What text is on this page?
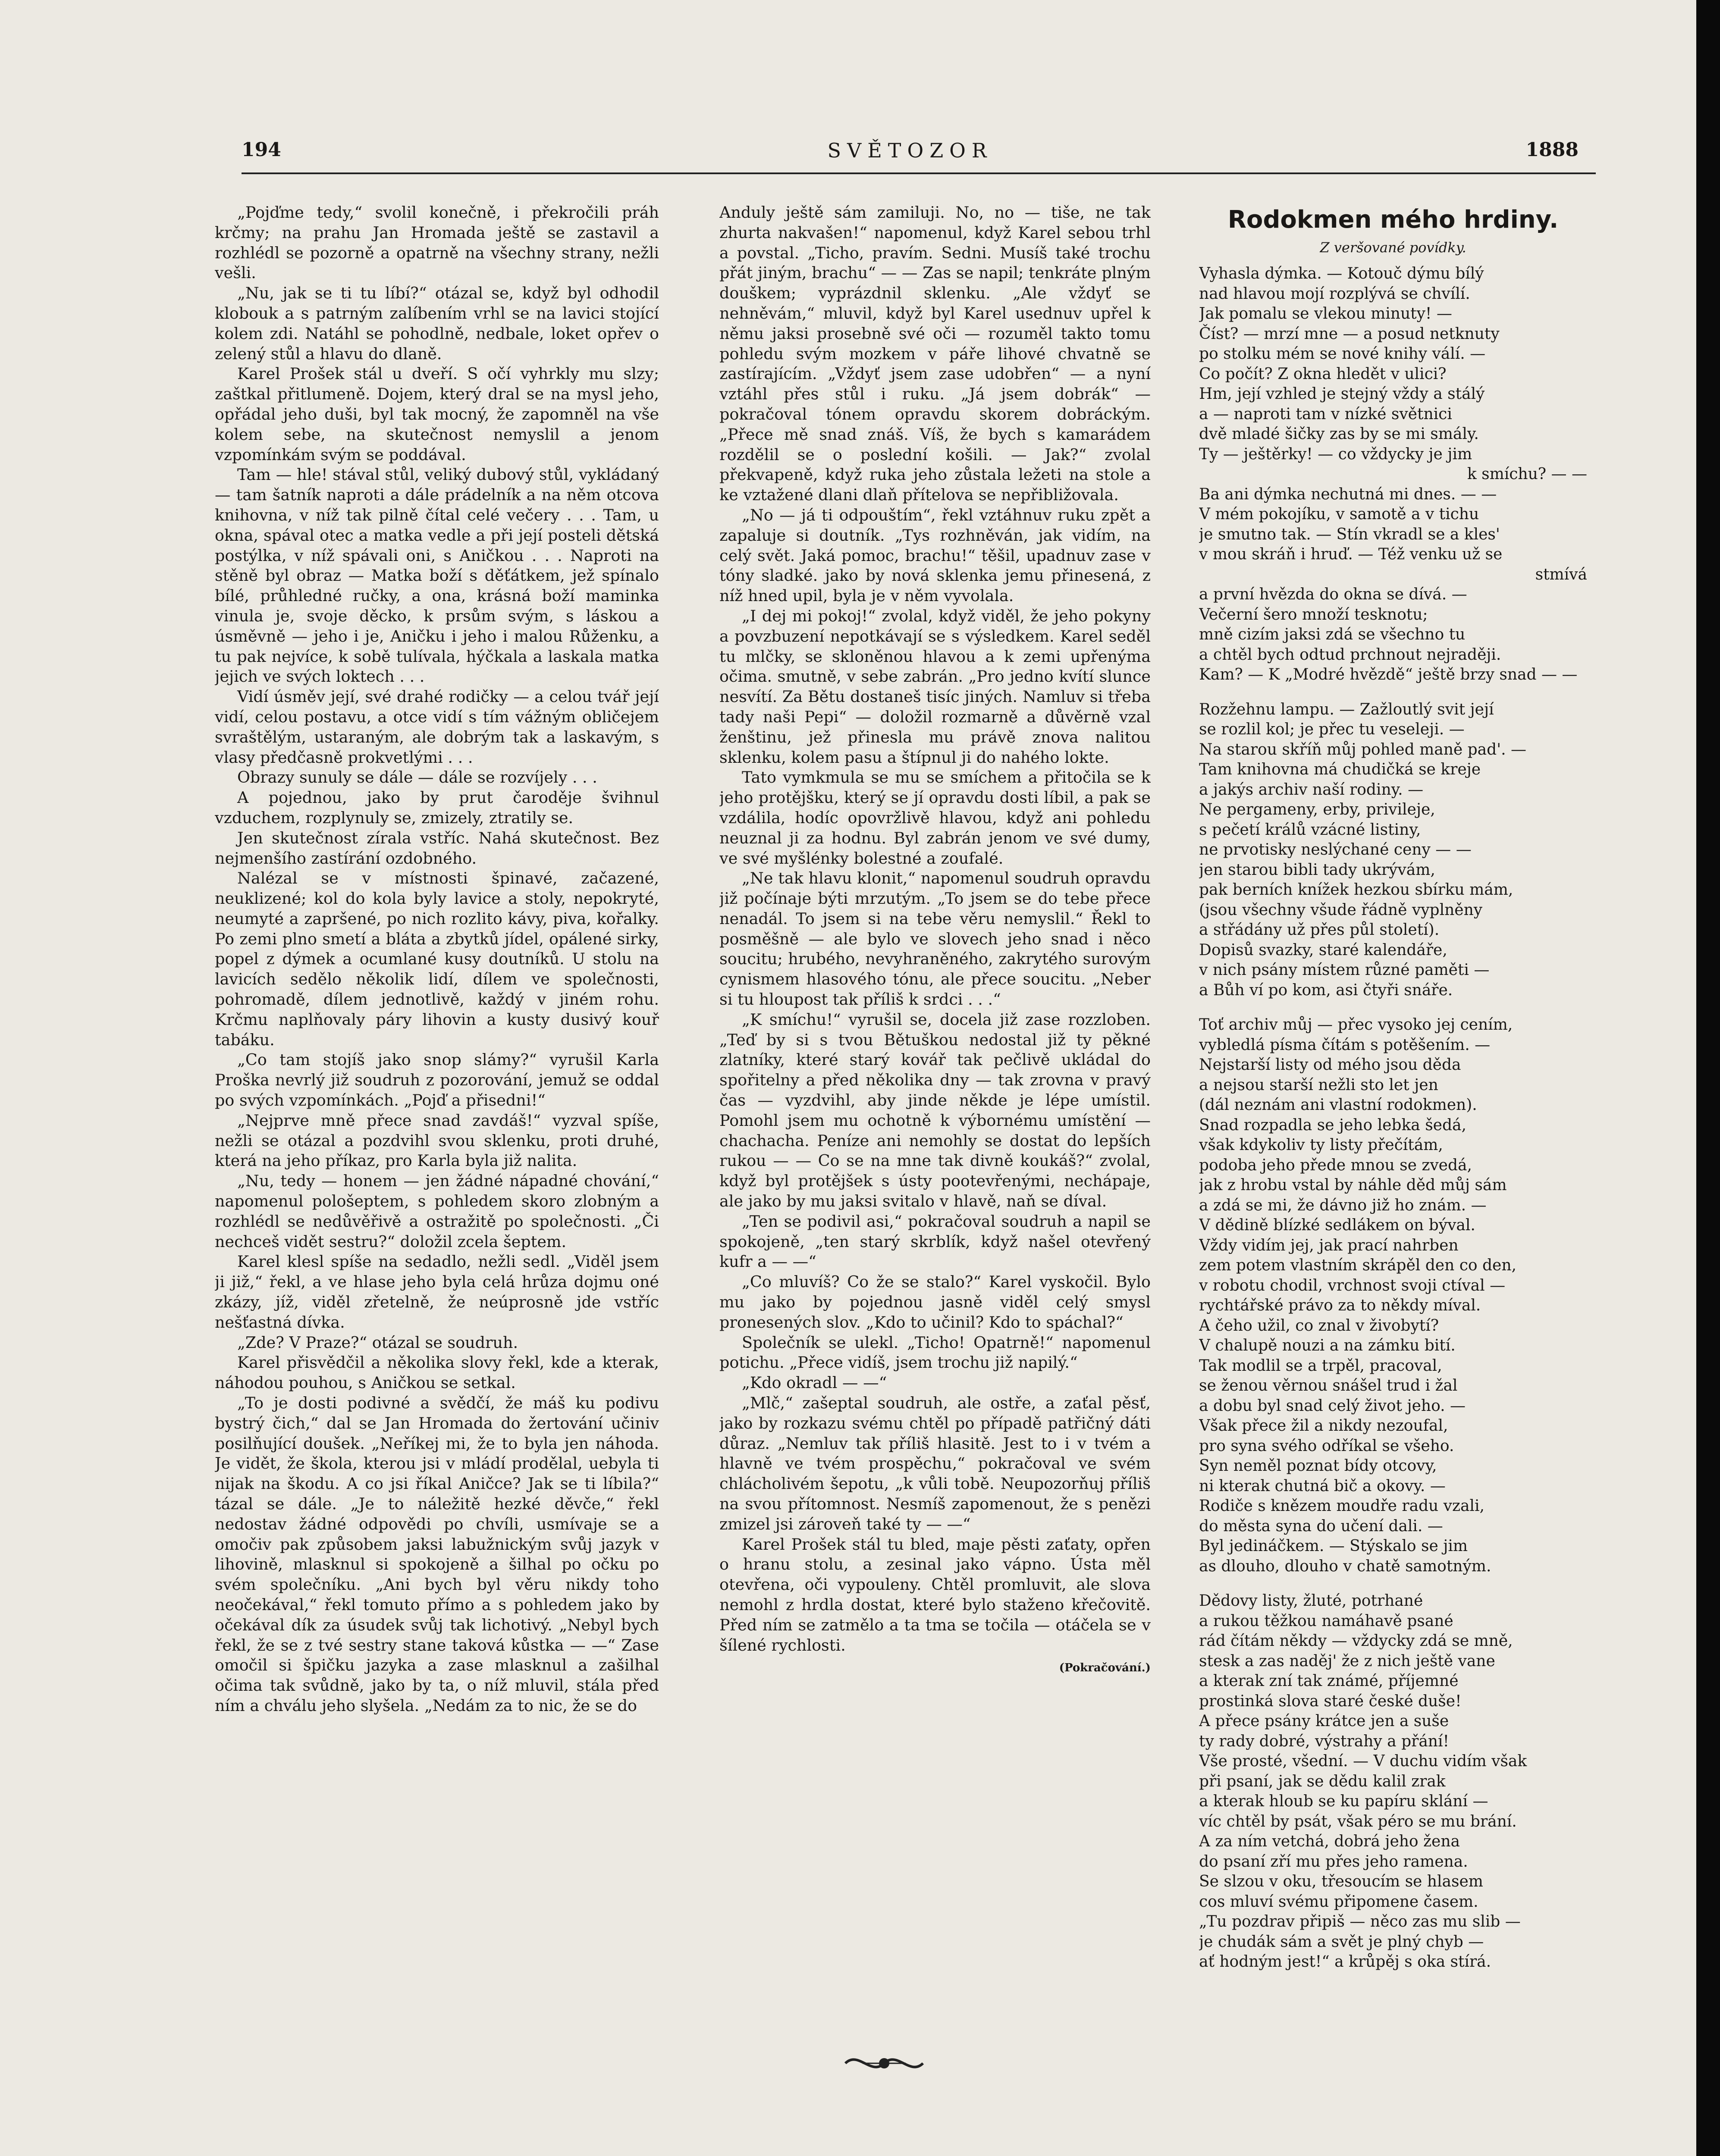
194	SVĚTOZOR	1888

„Pojďme tedy,“ svolil konečně, i překročili práh krčmy; na prahu Jan Hromada ještě se zastavil a rozhlédl se pozorně a opatrně na všechny strany, nežli vešli.

„Nu, jak se ti tu líbí?“ otázal se, když byl odhodil klobouk a s patrným zalíbením vrhl se na lavici stojící kolem zdi. Natáhl se pohodlně, nedbale, loket opřev o zelený stůl a hlavu do dlaně.

Karel Prošek stál u dveří. S očí vyhrkly mu slzy; zaštkal přitlumeně. Dojem, který dral se na mysl jeho, opřádal jeho duši, byl tak mocný, že zapomněl na vše kolem sebe, na skutečnost nemyslil a jenom vzpomínkám svým se poddával.

Tam — hle! stával stůl, veliký dubový stůl, vykládaný — tam šatník naproti a dále prádelník a na něm otcova knihovna, v níž tak pilně čítal celé večery . . . Tam, u okna, spával otec a matka vedle a při její posteli dětská postýlka, v níž spávali oni, s Aničkou . . . Naproti na stěně byl obraz — Matka boží s děťátkem, jež spínalo bílé, průhledné ručky, a ona, krásná boží maminka vinula je, svoje děcko, k prsům svým, s láskou a úsměvně — jeho i je, Aničku i jeho i malou Růženku, a tu pak nejvíce, k sobě tulívala, hýčkala a laskala matka jejich ve svých loktech . . .

Vidí úsměv její, své drahé rodičky — a celou tvář její vidí, celou postavu, a otce vidí s tím vážným obličejem svraštělým, ustaraným, ale dobrým tak a laskavým, s vlasy předčasně prokvetlými . . .

Obrazy sunuly se dále — dále se rozvíjely . . .

A pojednou, jako by prut čaroděje švihnul vzduchem, rozplynuly se, zmizely, ztratily se.

Jen skutečnost zírala vstříc. Nahá skutečnost. Bez nejmenšího zastírání ozdobného.

Nalézal se v místnosti špinavé, začazené, neuklizené; kol do kola byly lavice a stoly, nepokryté, neumyté a zapršené, po nich rozlito kávy, piva, kořalky. Po zemi plno smetí a bláta a zbytků jídel, opálené sirky, popel z dýmek a ocumlané kusy doutníků. U stolu na lavicích sedělo několik lidí, dílem ve společnosti, pohromadě, dílem jednotlivě, každý v jiném rohu. Krčmu naplňovaly páry lihovin a kusty dusivý kouř tabáku.

„Co tam stojíš jako snop slámy?“ vyrušil Karla Proška nevrlý již soudruh z pozorování, jemuž se oddal po svých vzpomínkách. „Pojď a přisedni!“

„Nejprve mně přece snad zavdáš!“ vyzval spíše, nežli se otázal a pozdvihl svou sklenku, proti druhé, která na jeho příkaz, pro Karla byla již nalita.

„Nu, tedy — honem — jen žádné nápadné chování,“ napomenul pološeptem, s pohledem skoro zlobným a rozhlédl se nedůvěřivě a ostražitě po společnosti. „Či nechceš vidět sestru?“ doložil zcela šeptem.

Karel klesl spíše na sedadlo, nežli sedl. „Viděl jsem ji již,“ řekl, a ve hlase jeho byla celá hrůza dojmu oné zkázy, jíž, viděl zřetelně, že neúprosně jde vstříc nešťastná dívka.

„Zde? V Praze?“ otázal se soudruh.

Karel přisvědčil a několika slovy řekl, kde a kterak, náhodou pouhou, s Aničkou se setkal.

„To je dosti podivné a svědčí, že máš ku podivu bystrý čich,“ dal se Jan Hromada do žertování učiniv posilňující doušek. „Neříkej mi, že to byla jen náhoda. Je vidět, že škola, kterou jsi v mládí prodělal, uebyla ti nijak na škodu. A co jsi říkal Aničce? Jak se ti líbila?“ tázal se dále. „Je to náležitě hezké děvče,“ řekl nedostav žádné odpovědi po chvíli, usmívaje se a omočiv pak způsobem jaksi labužnickým svůj jazyk v lihovině, mlasknul si spokojeně a šilhal po očku po svém společníku. „Ani bych byl věru nikdy toho neočekával,“ řekl tomuto přímo a s pohledem jako by očekával dík za úsudek svůj tak lichotivý. „Nebyl bych řekl, že se z tvé sestry stane taková kůstka — —“ Zase omočil si špičku jazyka a zase mlasknul a zašilhal očima tak svůdně, jako by ta, o níž mluvil, stála před ním a chválu jeho slyšela. „Nedám za to nic, že se do

Anduly ještě sám zamiluji. No, no — tiše, ne tak zhurta nakvašen!“ napomenul, když Karel sebou trhl a povstal. „Ticho, pravím. Sedni. Musíš také trochu přát jiným, brachu“ — — Zas se napil; tenkráte plným douškem; vyprázdnil sklenku. „Ale vždyť se nehněvám,“ mluvil, když byl Karel usednuv upřel k němu jaksi prosebně své oči — rozuměl takto tomu pohledu svým mozkem v páře lihové chvatně se zastírajícím. „Vždyť jsem zase udobřen“ — a nyní vztáhl přes stůl i ruku. „Já jsem dobrák“ — pokračoval tónem opravdu skorem dobráckým. „Přece mě snad znáš. Víš, že bych s kamarádem rozdělil se o poslední košili. — Jak?“ zvolal překvapeně, když ruka jeho zůstala ležeti na stole a ke vztažené dlani dlaň přítelova se nepřibližovala.

„No — já ti odpouštím“, řekl vztáhnuv ruku zpět a zapaluje si doutník. „Tys rozhněván, jak vidím, na celý svět. Jaká pomoc, brachu!“ těšil, upadnuv zase v tóny sladké. jako by nová sklenka jemu přinesená, z níž hned upil, byla je v něm vyvolala.

„I dej mi pokoj!“ zvolal, když viděl, že jeho pokyny a povzbuzení nepotkávají se s výsledkem. Karel seděl tu mlčky, se skloněnou hlavou a k zemi upřenýma očima. smutně, v sebe zabrán. „Pro jedno kvítí slunce nesvítí. Za Bětu dostaneš tisíc jiných. Namluv si třeba tady naši Pepi“ — doložil rozmarně a důvěrně vzal ženštinu, jež přinesla mu právě znova nalitou sklenku, kolem pasu a štípnul ji do nahého lokte.

Tato vymkmula se mu se smíchem a přitočila se k jeho protějšku, který se jí opravdu dosti líbil, a pak se vzdálila, hodíc opovržlivě hlavou, když ani pohledu neuznal ji za hodnu. Byl zabrán jenom ve své dumy, ve své myšlénky bolestné a zoufalé.

„Ne tak hlavu klonit,“ napomenul soudruh opravdu již počínaje býti mrzutým. „To jsem se do tebe přece nenadál. To jsem si na tebe věru nemyslil.“ Řekl to posměšně — ale bylo ve slovech jeho snad i něco soucitu; hrubého, nevyhraněného, zakrytého surovým cynismem hlasového tónu, ale přece soucitu. „Neber si tu hloupost tak příliš k srdci . . .“

„K smíchu!“ vyrušil se, docela již zase rozzloben. „Teď by si s tvou Bětuškou nedostal již ty pěkné zlatníky, které starý kovář tak pečlivě ukládal do spořitelny a před několika dny — tak zrovna v pravý čas — vyzdvihl, aby jinde někde je lépe umístil. Pomohl jsem mu ochotně k výbornému umístění — chachacha. Peníze ani nemohly se dostat do lepších rukou — — Co se na mne tak divně koukáš?“ zvolal, když byl protějšek s ústy pootevřenými, nechápaje, ale jako by mu jaksi svitalo v hlavě, naň se díval.

„Ten se podivil asi,“ pokračoval soudruh a napil se spokojeně, „ten starý skrblík, když našel otevřený kufr a — —“

„Co mluvíš? Co že se stalo?“ Karel vyskočil. Bylo mu jako by pojednou jasně viděl celý smysl pronesených slov. „Kdo to učinil? Kdo to spáchal?“

Společník se ulekl. „Ticho! Opatrně!“ napomenul potichu. „Přece vidíš, jsem trochu již napilý.“

„Kdo okradl — —“

„Mlč,“ zašeptal soudruh, ale ostře, a zaťal pěsť, jako by rozkazu svému chtěl po případě patřičný dáti důraz. „Nemluv tak příliš hlasitě. Jest to i v tvém a hlavně ve tvém prospěchu,“ pokračoval ve svém chlácholivém šepotu, „k vůli tobě. Neupozorňuj příliš na svou přítomnost. Nesmíš zapomenout, že s penězi zmizel jsi zároveň také ty — —“

Karel Prošek stál tu bled, maje pěsti zaťaty, opřen o hranu stolu, a zesinal jako vápno. Ústa měl otevřena, oči vypouleny. Chtěl promluvit, ale slova nemohl z hrdla dostat, které bylo staženo křečovitě. Před ním se zatmělo a ta tma se točila — otáčela se v šílené rychlosti.

(Pokračování.)
Rodokmen mého hrdiny.
Z veršované povídky.
Vyhasla dýmka. — Kotouč dýmu bílý
nad hlavou mojí rozplývá se chvílí.
Jak pomalu se vlekou minuty! —
Číst? — mrzí mne — a posud netknuty
po stolku mém se nové knihy válí. —
Co počít? Z okna hledět v ulici?
Hm, její vzhled je stejný vždy a stálý
a — naproti tam v nízké světnici
dvě mladé šičky zas by se mi smály.
Ty — ještěrky! — co vždycky je jim
k smíchu? — —
Ba ani dýmka nechutná mi dnes. — —
V mém pokojíku, v samotě a v tichu
je smutno tak. — Stín vkradl se a kles'
v mou skráň i hruď. — Též venku už se
stmívá
a první hvězda do okna se dívá. —
Večerní šero množí tesknotu;
mně cizím jaksi zdá se všechno tu
a chtěl bych odtud prchnout nejraději.
Kam? — K „Modré hvězdě“ ještě brzy snad — —
Rozžehnu lampu. — Zažloutlý svit její
se rozlil kol; je přec tu veseleji. —
Na starou skříň můj pohled maně pad'. —
Tam knihovna má chudičká se kreje
a jakýs archiv naší rodiny. —
Ne pergameny, erby, privileje,
s pečetí králů vzácné listiny,
ne prvotisky neslýchané ceny — —
jen starou bibli tady ukrývám,
pak berních knížek hezkou sbírku mám,
(jsou všechny všude řádně vyplněny
a střádány už přes půl století).
Dopisů svazky, staré kalendáře,
v nich psány místem různé paměti —
a Bůh ví po kom, asi čtyři snáře.
Toť archiv můj — přec vysoko jej cením,
vybledlá písma čítám s potěšením. —
Nejstarší listy od mého jsou děda
a nejsou starší nežli sto let jen
(dál neznám ani vlastní rodokmen).
Snad rozpadla se jeho lebka šedá,
však kdykoliv ty listy přečítám,
podoba jeho přede mnou se zvedá,
jak z hrobu vstal by náhle děd můj sám
a zdá se mi, že dávno již ho znám. —
V dědině blízké sedlákem on býval.
Vždy vidím jej, jak prací nahrben
zem potem vlastním skrápěl den co den,
v robotu chodil, vrchnost svoji ctíval —
rychtářské právo za to někdy míval.
A čeho užil, co znal v živobytí?
V chalupě nouzi a na zámku bití.
Tak modlil se a trpěl, pracoval,
se ženou věrnou snášel trud i žal
a dobu byl snad celý život jeho. —
Však přece žil a nikdy nezoufal,
pro syna svého odříkal se všeho.
Syn neměl poznat bídy otcovy,
ni kterak chutná bič a okovy. —
Rodiče s knězem moudře radu vzali,
do města syna do učení dali. —
Byl jedináčkem. — Stýskalo se jim
as dlouho, dlouho v chatě samotným.
Dědovy listy, žluté, potrhané
a rukou těžkou namáhavě psané
rád čítám někdy — vždycky zdá se mně,
stesk a zas naděj' že z nich ještě vane
a kterak zní tak známé, příjemné
prostinká slova staré české duše!
A přece psány krátce jen a suše
ty rady dobré, výstrahy a přání!
Vše prosté, všední. — V duchu vidím však
při psaní, jak se dědu kalil zrak
a kterak hloub se ku papíru sklání —
víc chtěl by psát, však péro se mu brání.
A za ním vetchá, dobrá jeho žena
do psaní zří mu přes jeho ramena.
Se slzou v oku, třesoucím se hlasem
cos mluví svému připomene časem.
„Tu pozdrav připiš — něco zas mu slib —
je chudák sám a svět je plný chyb —
ať hodným jest!“ a krůpěj s oka stírá.
